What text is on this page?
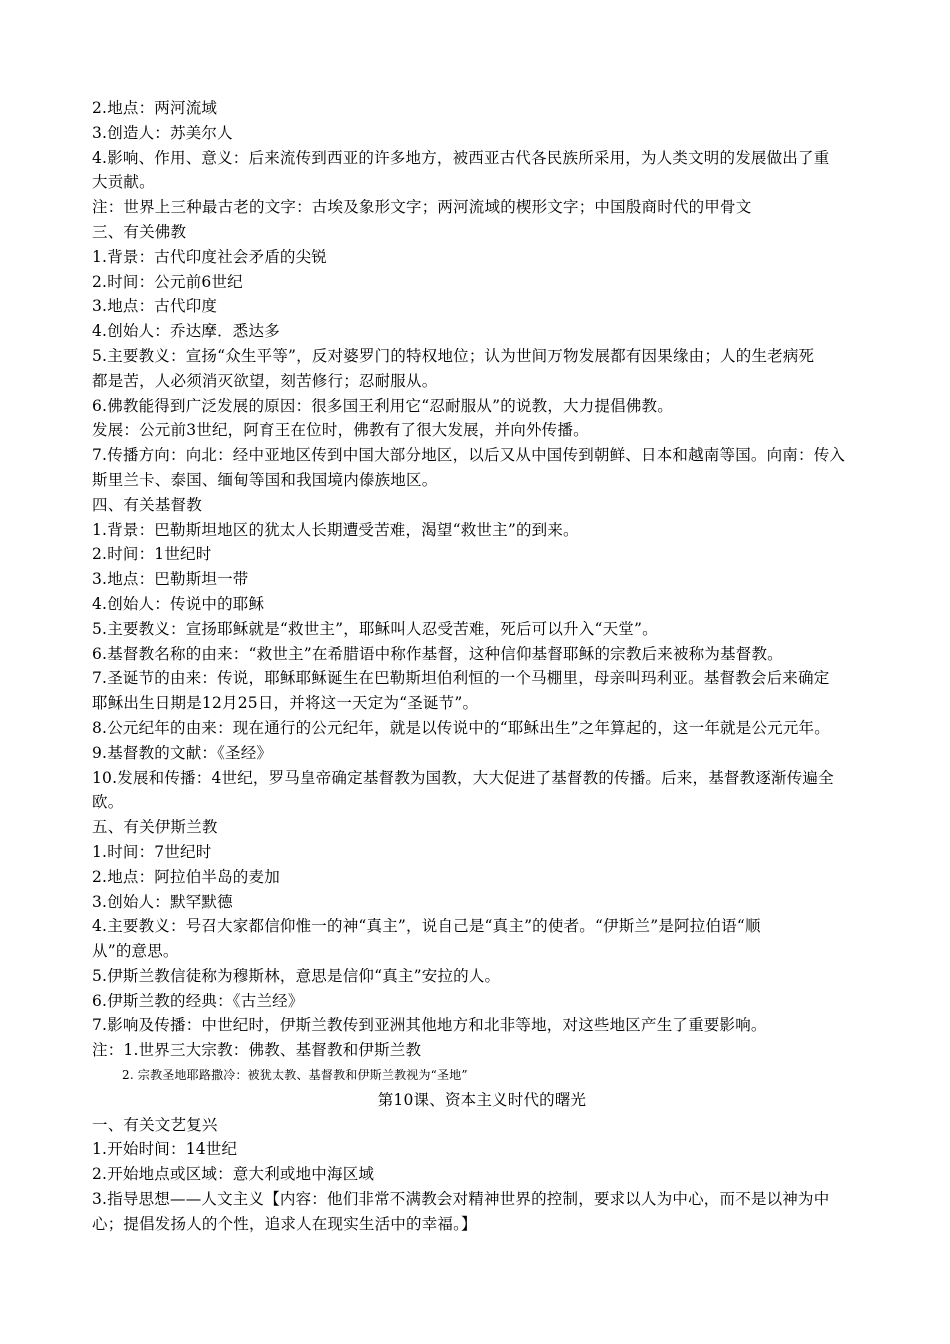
2.地点：两河流域
3.创造人：苏美尔人
4.影响、作用、意义：后来流传到西亚的许多地方，被西亚古代各民族所采用，为人类文明的发展做出了重
大贡献。
注：世界上三种最古老的文字：古埃及象形文字；两河流域的楔形文字；中国殷商时代的甲骨文
三、有关佛教
1.背景：古代印度社会矛盾的尖锐
2.时间：公元前6世纪
3.地点：古代印度
4.创始人：乔达摩．悉达多
5.主要教义：宣扬“众生平等”，反对婆罗门的特权地位；认为世间万物发展都有因果缘由；人的生老病死
都是苦，人必须消灭欲望，刻苦修行；忍耐服从。
6.佛教能得到广泛发展的原因：很多国王利用它“忍耐服从”的说教，大力提倡佛教。
发展：公元前3世纪，阿育王在位时，佛教有了很大发展，并向外传播。
7.传播方向：向北：经中亚地区传到中国大部分地区，以后又从中国传到朝鲜、日本和越南等国。向南：传入
斯里兰卡、泰国、缅甸等国和我国境内傣族地区。
四、有关基督教
1.背景：巴勒斯坦地区的犹太人长期遭受苦难，渴望“救世主”的到来。
2.时间：1世纪时
3.地点：巴勒斯坦一带
4.创始人：传说中的耶稣
5.主要教义：宣扬耶稣就是“救世主”，耶稣叫人忍受苦难，死后可以升入“天堂”。
6.基督教名称的由来：“救世主”在希腊语中称作基督，这种信仰基督耶稣的宗教后来被称为基督教。
7.圣诞节的由来：传说，耶稣耶稣诞生在巴勒斯坦伯利恒的一个马棚里，母亲叫玛利亚。基督教会后来确定
耶稣出生日期是12月25日，并将这一天定为“圣诞节”。
8.公元纪年的由来：现在通行的公元纪年，就是以传说中的“耶稣出生”之年算起的，这一年就是公元元年。
9.基督教的文献：《圣经》
10.发展和传播：4世纪，罗马皇帝确定基督教为国教，大大促进了基督教的传播。后来，基督教逐渐传遍全
欧。
五、有关伊斯兰教
1.时间：7世纪时
2.地点：阿拉伯半岛的麦加
3.创始人：默罕默德
4.主要教义：号召大家都信仰惟一的神“真主”，说自己是“真主”的使者。“伊斯兰”是阿拉伯语“顺
从”的意思。
5.伊斯兰教信徒称为穆斯林，意思是信仰“真主”安拉的人。
6.伊斯兰教的经典：《古兰经》
7.影响及传播：中世纪时，伊斯兰教传到亚洲其他地方和北非等地，对这些地区产生了重要影响。
注：1.世界三大宗教：佛教、基督教和伊斯兰教
2. 宗教圣地耶路撒冷：被犹太教、基督教和伊斯兰教视为“圣地”
第10课、资本主义时代的曙光
一、有关文艺复兴
1.开始时间：14世纪
2.开始地点或区域：意大利或地中海区域
3.指导思想——人文主义【内容：他们非常不满教会对精神世界的控制，要求以人为中心，而不是以神为中
心；提倡发扬人的个性，追求人在现实生活中的幸福。】
